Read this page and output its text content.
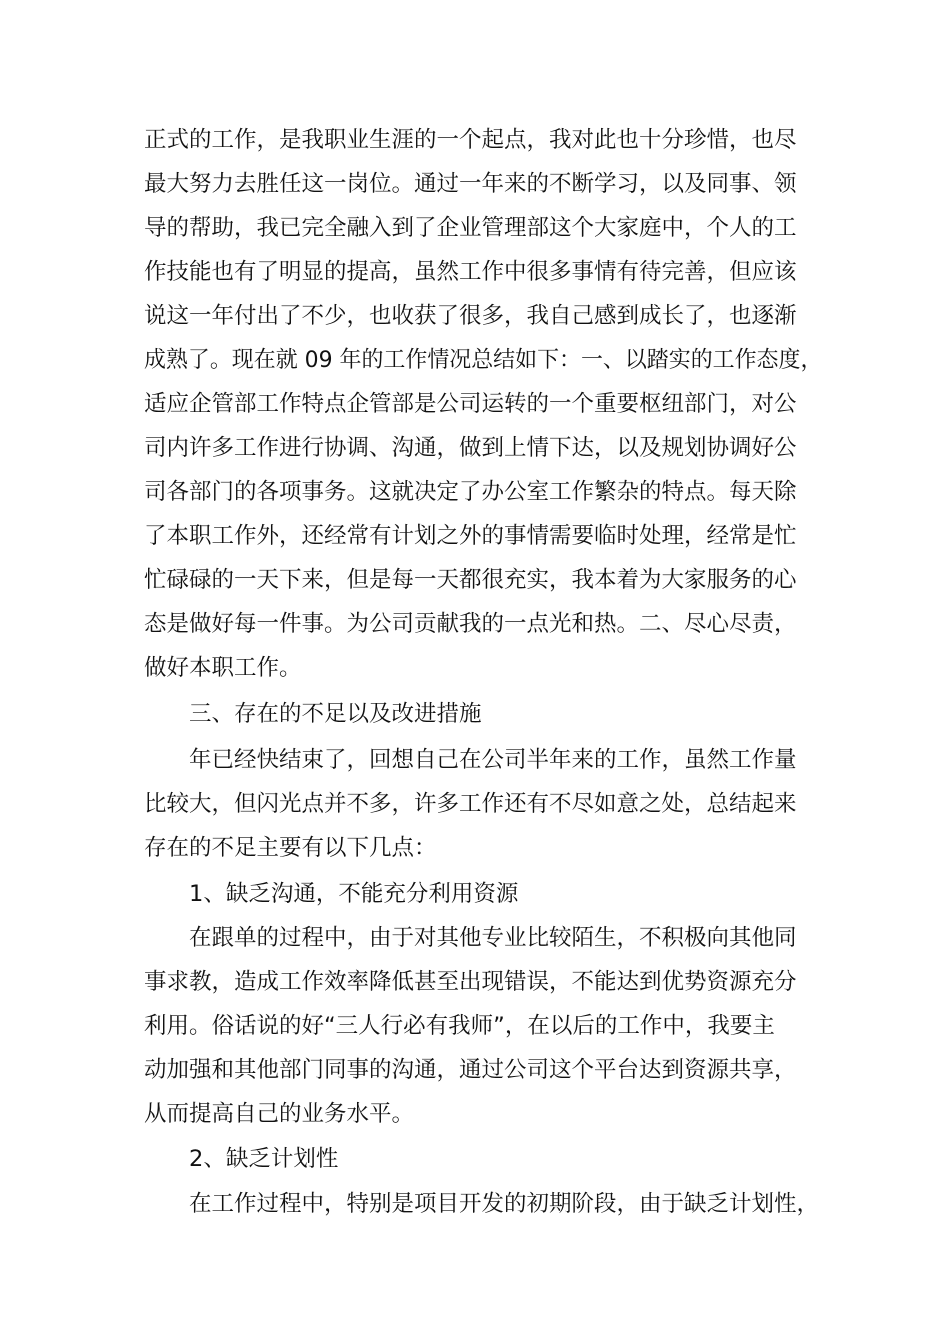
正式的工作，是我职业生涯的一个起点，我对此也十分珍惜，也尽
最大努力去胜任这一岗位。通过一年来的不断学习，以及同事、领
导的帮助，我已完全融入到了企业管理部这个大家庭中，个人的工
作技能也有了明显的提高，虽然工作中很多事情有待完善，但应该
说这一年付出了不少，也收获了很多，我自己感到成长了，也逐渐
成熟了。现在就 09 年的工作情况总结如下：一、以踏实的工作态度，
适应企管部工作特点企管部是公司运转的一个重要枢纽部门，对公
司内许多工作进行协调、沟通，做到上情下达，以及规划协调好公
司各部门的各项事务。这就决定了办公室工作繁杂的特点。每天除
了本职工作外，还经常有计划之外的事情需要临时处理，经常是忙
忙碌碌的一天下来，但是每一天都很充实，我本着为大家服务的心
态是做好每一件事。为公司贡献我的一点光和热。二、尽心尽责，
做好本职工作。
三、存在的不足以及改进措施
年已经快结束了，回想自己在公司半年来的工作，虽然工作量
比较大，但闪光点并不多，许多工作还有不尽如意之处，总结起来
存在的不足主要有以下几点：
1、缺乏沟通，不能充分利用资源
在跟单的过程中，由于对其他专业比较陌生，不积极向其他同
事求教，造成工作效率降低甚至出现错误，不能达到优势资源充分
利用。俗话说的好“三人行必有我师”，在以后的工作中，我要主
动加强和其他部门同事的沟通，通过公司这个平台达到资源共享，
从而提高自己的业务水平。
2、缺乏计划性
在工作过程中，特别是项目开发的初期阶段，由于缺乏计划性，
